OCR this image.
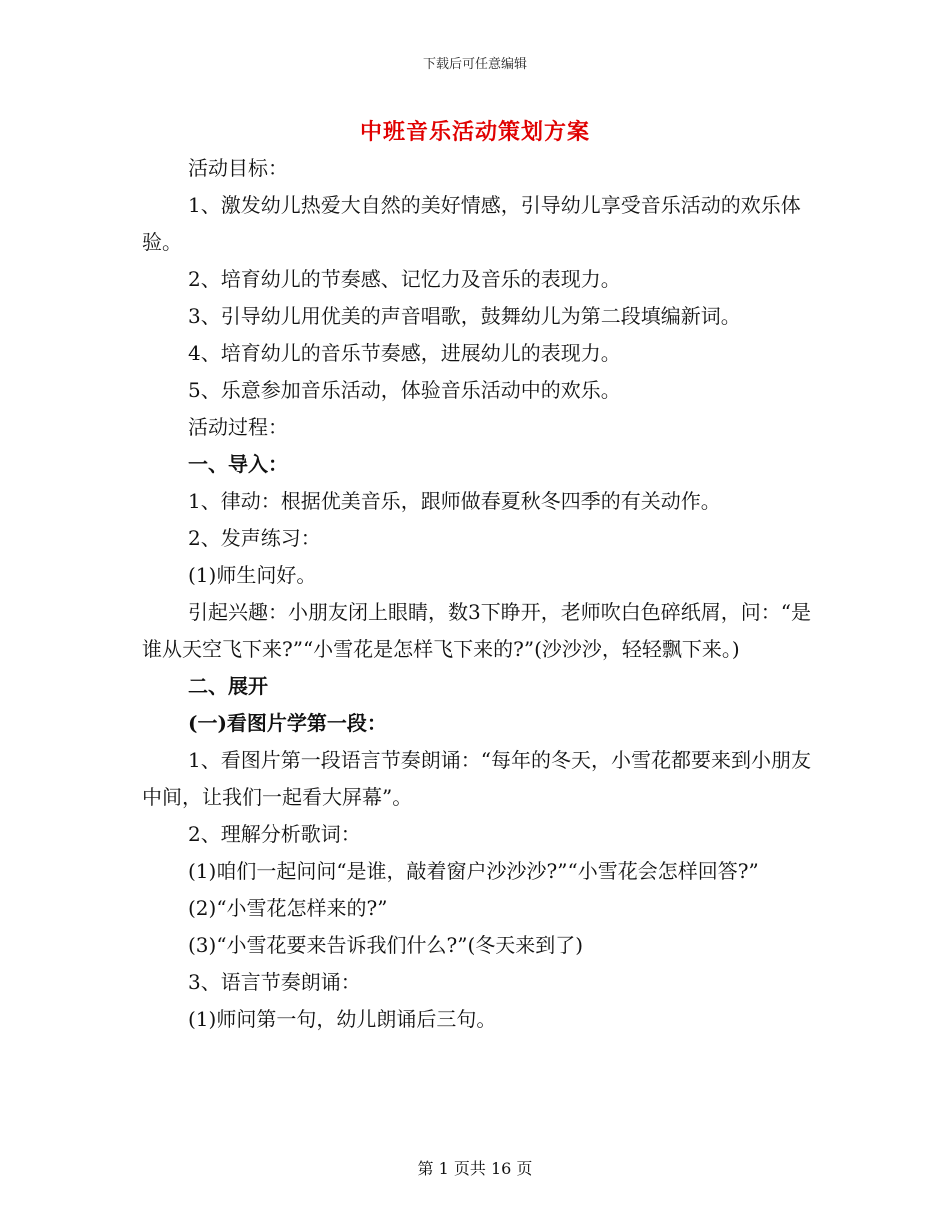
下载后可任意编辑
中班音乐活动策划方案

活动目标：

1、激发幼儿热爱大自然的美好情感，引导幼儿享受音乐活动的欢乐体验。

2、培育幼儿的节奏感、记忆力及音乐的表现力。

3、引导幼儿用优美的声音唱歌，鼓舞幼儿为第二段填编新词。

4、培育幼儿的音乐节奏感，进展幼儿的表现力。

5、乐意参加音乐活动，体验音乐活动中的欢乐。

活动过程：

一、导入：

1、律动：根据优美音乐，跟师做春夏秋冬四季的有关动作。

2、发声练习：

(1)师生问好。

引起兴趣：小朋友闭上眼睛，数3下睁开，老师吹白色碎纸屑，问：“是谁从天空飞下来?”“小雪花是怎样飞下来的?”(沙沙沙，轻轻飘下来。)

二、展开

(一)看图片学第一段：

1、看图片第一段语言节奏朗诵：“每年的冬天，小雪花都要来到小朋友中间，让我们一起看大屏幕”。

2、理解分析歌词：

(1)咱们一起问问“是谁，敲着窗户沙沙沙?”“小雪花会怎样回答?”

(2)“小雪花怎样来的?”

(3)“小雪花要来告诉我们什么?”(冬天来到了)

3、语言节奏朗诵：

(1)师问第一句，幼儿朗诵后三句。

第 1 页共 16 页
